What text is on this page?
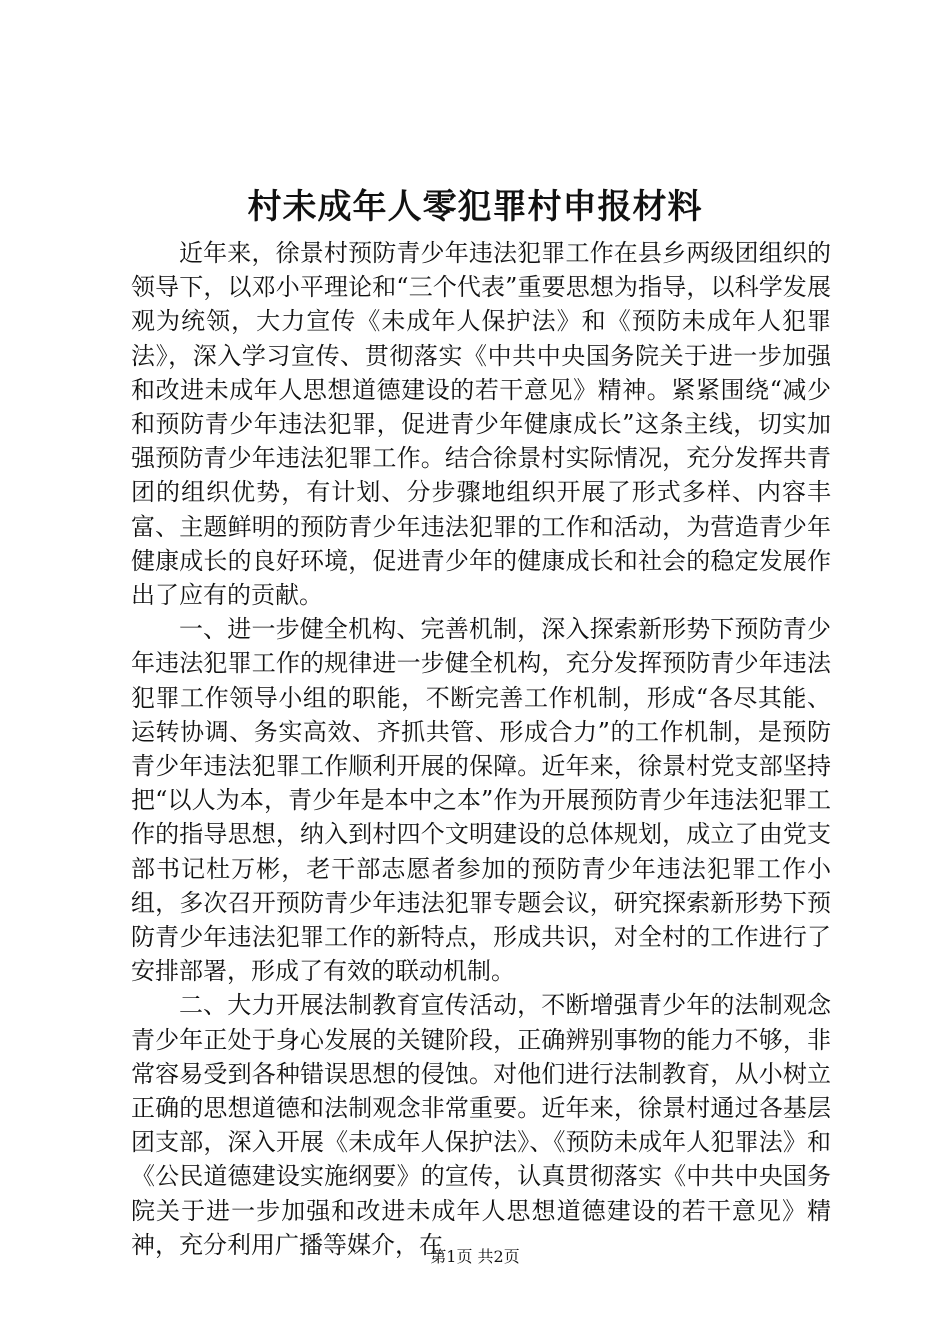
村未成年人零犯罪村申报材料

近年来，徐景村预防青少年违法犯罪工作在县乡两级团组织的领导下，以邓小平理论和“三个代表”重要思想为指导，以科学发展观为统领，大力宣传《未成年人保护法》和《预防未成年人犯罪法》，深入学习宣传、贯彻落实《中共中央国务院关于进一步加强和改进未成年人思想道德建设的若干意见》精神。紧紧围绕“减少和预防青少年违法犯罪，促进青少年健康成长”这条主线，切实加强预防青少年违法犯罪工作。结合徐景村实际情况，充分发挥共青团的组织优势，有计划、分步骤地组织开展了形式多样、内容丰富、主题鲜明的预防青少年违法犯罪的工作和活动，为营造青少年健康成长的良好环境，促进青少年的健康成长和社会的稳定发展作出了应有的贡献。

一、进一步健全机构、完善机制，深入探索新形势下预防青少年违法犯罪工作的规律进一步健全机构，充分发挥预防青少年违法犯罪工作领导小组的职能，不断完善工作机制，形成“各尽其能、运转协调、务实高效、齐抓共管、形成合力”的工作机制，是预防青少年违法犯罪工作顺利开展的保障。近年来，徐景村党支部坚持把“以人为本，青少年是本中之本”作为开展预防青少年违法犯罪工作的指导思想，纳入到村四个文明建设的总体规划，成立了由党支部书记杜万彬，老干部志愿者参加的预防青少年违法犯罪工作小组，多次召开预防青少年违法犯罪专题会议，研究探索新形势下预防青少年违法犯罪工作的新特点，形成共识，对全村的工作进行了安排部署，形成了有效的联动机制。

二、大力开展法制教育宣传活动，不断增强青少年的法制观念青少年正处于身心发展的关键阶段，正确辨别事物的能力不够，非常容易受到各种错误思想的侵蚀。对他们进行法制教育，从小树立正确的思想道德和法制观念非常重要。近年来，徐景村通过各基层团支部，深入开展《未成年人保护法》、《预防未成年人犯罪法》和《公民道德建设实施纲要》的宣传，认真贯彻落实《中共中央国务院关于进一步加强和改进未成年人思想道德建设的若干意见》精神，充分利用广播等媒介，在

第1页 共2页
